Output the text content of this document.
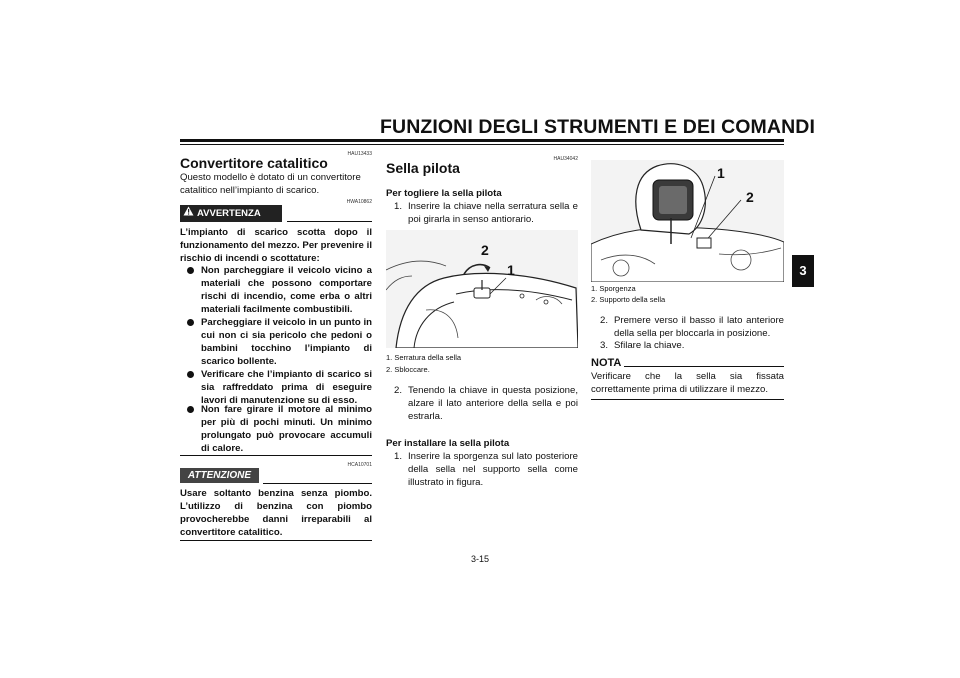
FUNZIONI DEGLI STRUMENTI E DEI COMANDI
3
HAU13433
Convertitore catalitico
Questo modello è dotato di un convertitore catalitico nell’impianto di scarico.
HWA10862
AVVERTENZA
L’impianto di scarico scotta dopo il funzionamento del mezzo. Per prevenire il rischio di incendi o scottature:
Non parcheggiare il veicolo vicino a materiali che possono comportare rischi di incendio, come erba o altri materiali facilmente combustibili.
Parcheggiare il veicolo in un punto in cui non ci sia pericolo che pedoni o bambini tocchino l’impianto di scarico bollente.
Verificare che l’impianto di scarico si sia raffreddato prima di eseguire lavori di manutenzione su di esso.
Non fare girare il motore al minimo per più di pochi minuti. Un minimo prolungato può provocare accumuli di calore.
HCA10701
ATTENZIONE
Usare soltanto benzina senza piombo. L’utilizzo di benzina con piombo provocherebbe danni irreparabili al convertitore catalitico.
HAU34042
Sella pilota
Per togliere la sella pilota
1. Inserire la chiave nella serratura sella e poi girarla in senso antiorario.
2
1
1. Serratura della sella
2. Sbloccare.
2. Tenendo la chiave in questa posizione, alzare il lato anteriore della sella e poi estrarla.
Per installare la sella pilota
1. Inserire la sporgenza sul lato posteriore della sella nel supporto sella come illustrato in figura.
1
2
1. Sporgenza
2. Supporto della sella
2. Premere verso il basso il lato anteriore della sella per bloccarla in posizione.
3. Sfilare la chiave.
NOTA
Verificare che la sella sia fissata correttamente prima di utilizzare il mezzo.
3-15
